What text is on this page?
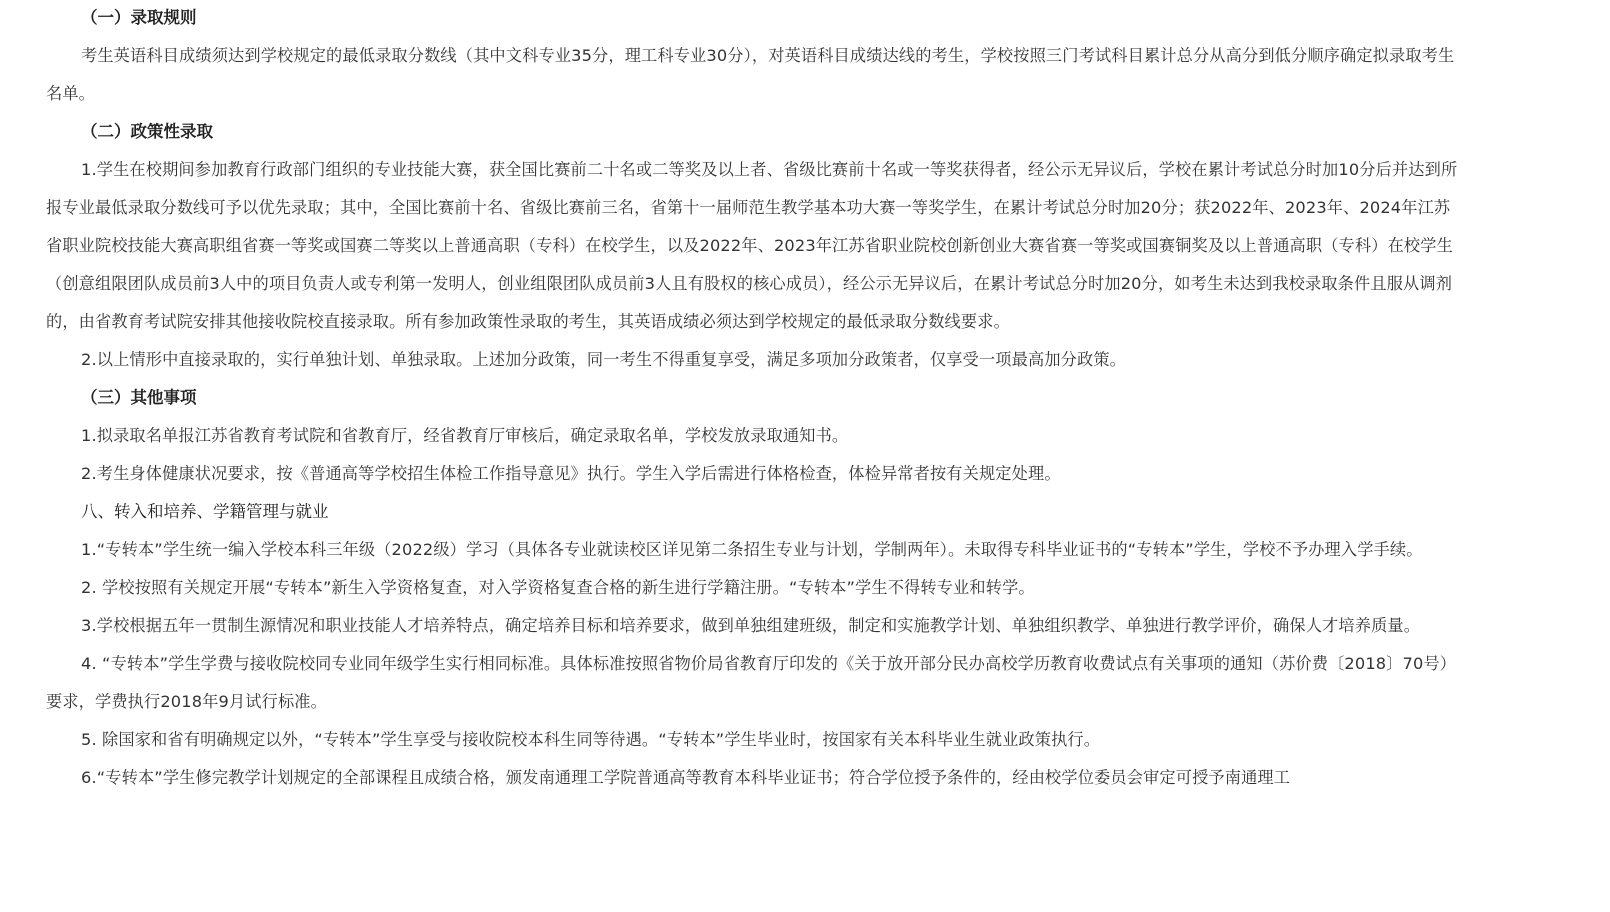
（一）录取规则

考生英语科目成绩须达到学校规定的最低录取分数线（其中文科专业35分，理工科专业30分），对英语科目成绩达线的考生，学校按照三门考试科目累计总分从高分到低分顺序确定拟录取考生名单。

（二）政策性录取

1.学生在校期间参加教育行政部门组织的专业技能大赛，获全国比赛前二十名或二等奖及以上者、省级比赛前十名或一等奖获得者，经公示无异议后，学校在累计考试总分时加10分后并达到所报专业最低录取分数线可予以优先录取；其中，全国比赛前十名、省级比赛前三名，省第十一届师范生教学基本功大赛一等奖学生，在累计考试总分时加20分；获2022年、2023年、2024年江苏省职业院校技能大赛高职组省赛一等奖或国赛二等奖以上普通高职（专科）在校学生，以及2022年、2023年江苏省职业院校创新创业大赛省赛一等奖或国赛铜奖及以上普通高职（专科）在校学生（创意组限团队成员前3人中的项目负责人或专利第一发明人，创业组限团队成员前3人且有股权的核心成员），经公示无异议后，在累计考试总分时加20分，如考生未达到我校录取条件且服从调剂的，由省教育考试院安排其他接收院校直接录取。所有参加政策性录取的考生，其英语成绩必须达到学校规定的最低录取分数线要求。

2.以上情形中直接录取的，实行单独计划、单独录取。上述加分政策，同一考生不得重复享受，满足多项加分政策者，仅享受一项最高加分政策。

（三）其他事项

1.拟录取名单报江苏省教育考试院和省教育厅，经省教育厅审核后，确定录取名单，学校发放录取通知书。

2.考生身体健康状况要求，按《普通高等学校招生体检工作指导意见》执行。学生入学后需进行体格检查，体检异常者按有关规定处理。

八、转入和培养、学籍管理与就业

1.“专转本”学生统一编入学校本科三年级（2022级）学习（具体各专业就读校区详见第二条招生专业与计划，学制两年）。未取得专科毕业证书的“专转本”学生，学校不予办理入学手续。

2. 学校按照有关规定开展“专转本”新生入学资格复查，对入学资格复查合格的新生进行学籍注册。“专转本”学生不得转专业和转学。

3.学校根据五年一贯制生源情况和职业技能人才培养特点，确定培养目标和培养要求，做到单独组建班级，制定和实施教学计划、单独组织教学、单独进行教学评价，确保人才培养质量。

4. “专转本”学生学费与接收院校同专业同年级学生实行相同标准。具体标准按照省物价局省教育厅印发的《关于放开部分民办高校学历教育收费试点有关事项的通知（苏价费〔2018〕70号）要求，学费执行2018年9月试行标准。

5. 除国家和省有明确规定以外，“专转本”学生享受与接收院校本科生同等待遇。“专转本”学生毕业时，按国家有关本科毕业生就业政策执行。

6.“专转本”学生修完教学计划规定的全部课程且成绩合格，颁发南通理工学院普通高等教育本科毕业证书；符合学位授予条件的，经由校学位委员会审定可授予南通理工
